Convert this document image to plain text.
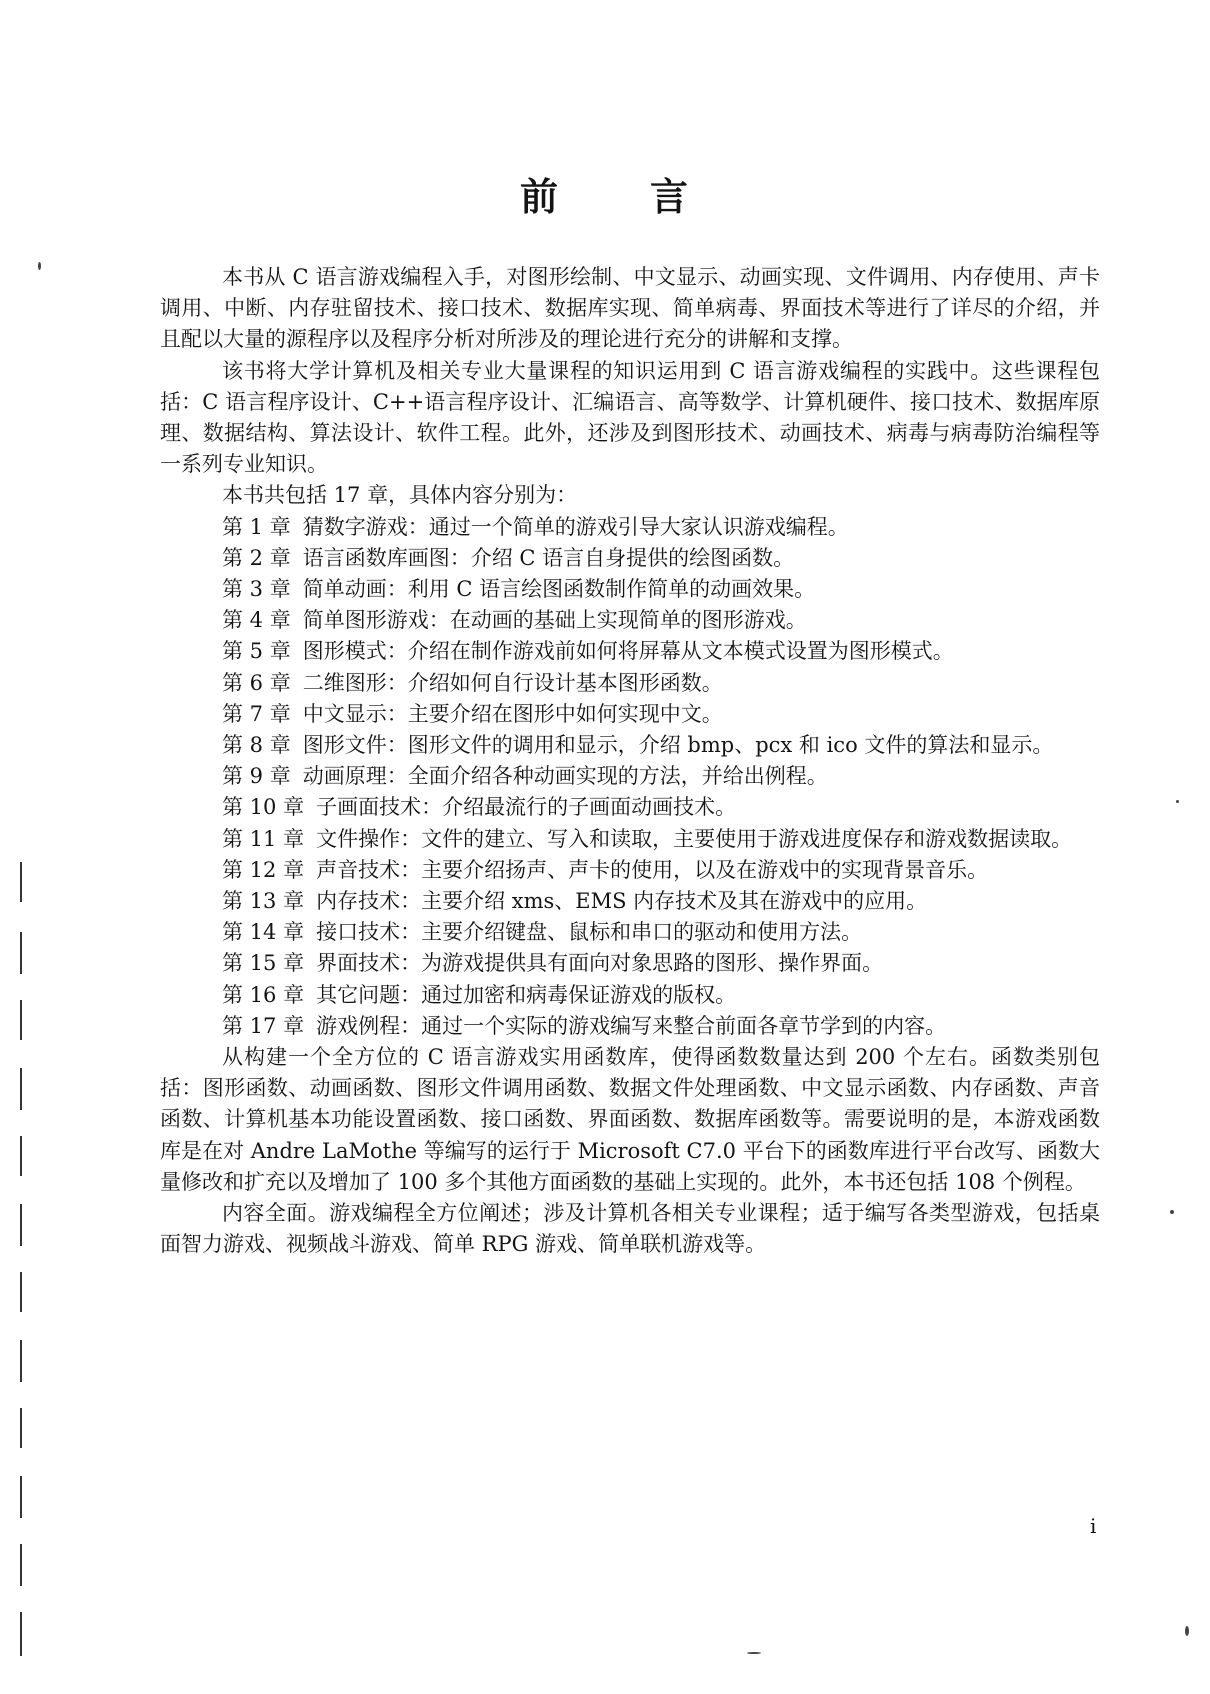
前 言

本书从 C 语言游戏编程入手，对图形绘制、中文显示、动画实现、文件调用、内存使用、声卡调用、中断、内存驻留技术、接口技术、数据库实现、简单病毒、界面技术等进行了详尽的介绍，并且配以大量的源程序以及程序分析对所涉及的理论进行充分的讲解和支撑。

该书将大学计算机及相关专业大量课程的知识运用到 C 语言游戏编程的实践中。这些课程包括：C 语言程序设计、C++语言程序设计、汇编语言、高等数学、计算机硬件、接口技术、数据库原理、数据结构、算法设计、软件工程。此外，还涉及到图形技术、动画技术、病毒与病毒防治编程等一系列专业知识。

本书共包括 17 章，具体内容分别为：

第 1 章 猜数字游戏：通过一个简单的游戏引导大家认识游戏编程。

第 2 章 语言函数库画图：介绍 C 语言自身提供的绘图函数。

第 3 章 简单动画：利用 C 语言绘图函数制作简单的动画效果。

第 4 章 简单图形游戏：在动画的基础上实现简单的图形游戏。

第 5 章 图形模式：介绍在制作游戏前如何将屏幕从文本模式设置为图形模式。

第 6 章 二维图形：介绍如何自行设计基本图形函数。

第 7 章 中文显示：主要介绍在图形中如何实现中文。

第 8 章 图形文件：图形文件的调用和显示，介绍 bmp、pcx 和 ico 文件的算法和显示。

第 9 章 动画原理：全面介绍各种动画实现的方法，并给出例程。

第 10 章 子画面技术：介绍最流行的子画面动画技术。

第 11 章 文件操作：文件的建立、写入和读取，主要使用于游戏进度保存和游戏数据读取。

第 12 章 声音技术：主要介绍扬声、声卡的使用，以及在游戏中的实现背景音乐。

第 13 章 内存技术：主要介绍 xms、EMS 内存技术及其在游戏中的应用。

第 14 章 接口技术：主要介绍键盘、鼠标和串口的驱动和使用方法。

第 15 章 界面技术：为游戏提供具有面向对象思路的图形、操作界面。

第 16 章 其它问题：通过加密和病毒保证游戏的版权。

第 17 章 游戏例程：通过一个实际的游戏编写来整合前面各章节学到的内容。

从构建一个全方位的 C 语言游戏实用函数库，使得函数数量达到 200 个左右。函数类别包括：图形函数、动画函数、图形文件调用函数、数据文件处理函数、中文显示函数、内存函数、声音函数、计算机基本功能设置函数、接口函数、界面函数、数据库函数等。需要说明的是，本游戏函数库是在对 Andre LaMothe 等编写的运行于 Microsoft C7.0 平台下的函数库进行平台改写、函数大量修改和扩充以及增加了 100 多个其他方面函数的基础上实现的。此外，本书还包括 108 个例程。

内容全面。游戏编程全方位阐述；涉及计算机各相关专业课程；适于编写各类型游戏，包括桌面智力游戏、视频战斗游戏、简单 RPG 游戏、简单联机游戏等。

i
